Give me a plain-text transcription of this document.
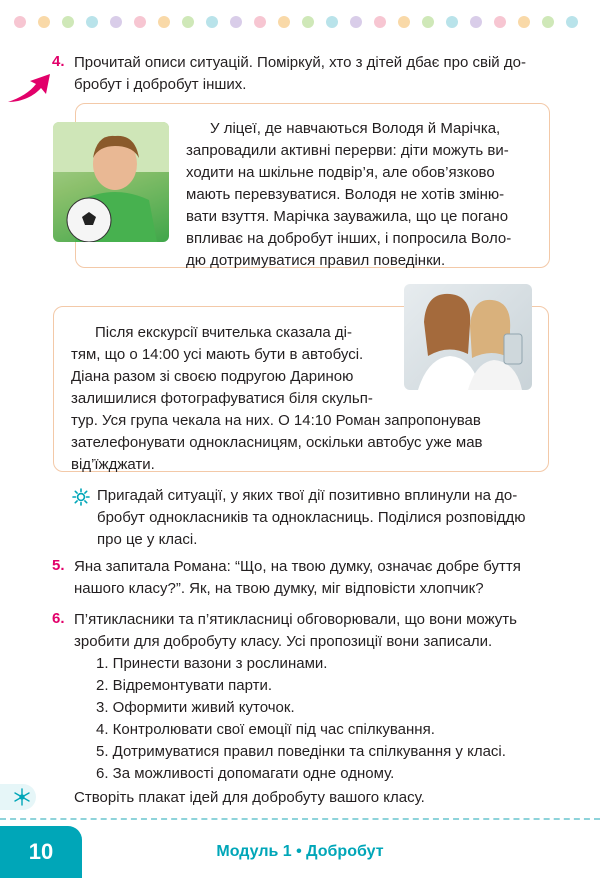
4. Прочитай описи ситуацій. Поміркуй, хто з дітей дбає про свій до-
бробут і добробут інших.
У ліцеї, де навчаються Володя й Марічка,
запровадили активні перерви: діти можуть ви-
ходити на шкільне подвір’я, але обов’язково
мають перевзуватися. Володя не хотів зміню-
вати взуття. Марічка зауважила, що це погано
впливає на добробут інших, і попросила Воло-
дю дотримуватися правил поведінки.
Після екскурсії вчителька сказала ді-
тям, що о 14:00 усі мають бути в автобусі.
Діана разом зі своєю подругою Дариною
залишилися фотографуватися біля скульп-
тур. Уся група чекала на них. О 14:10 Роман запропонував
зателефонувати однокласницям, оскільки автобус уже мав
від’їжджати.
Пригадай ситуації, у яких твої дії позитивно вплинули на до-
бробут однокласників та однокласниць. Поділися розповіддю
про це у класі.
5. Яна запитала Романа: “Що, на твою думку, означає добре буття
нашого класу?”. Як, на твою думку, міг відповісти хлопчик?
6. П’ятикласники та п’ятикласниці обговорювали, що вони можуть
зробити для добробуту класу. Усі пропозиції вони записали.
1. Принести вазони з рослинами.
2. Відремонтувати парти.
3. Оформити живий куточок.
4. Контролювати свої емоції під час спілкування.
5. Дотримуватися правил поведінки та спілкування у класі.
6. За можливості допомагати одне одному.
Створіть плакат ідей для добробуту вашого класу.
10	Модуль 1 • Добробут
